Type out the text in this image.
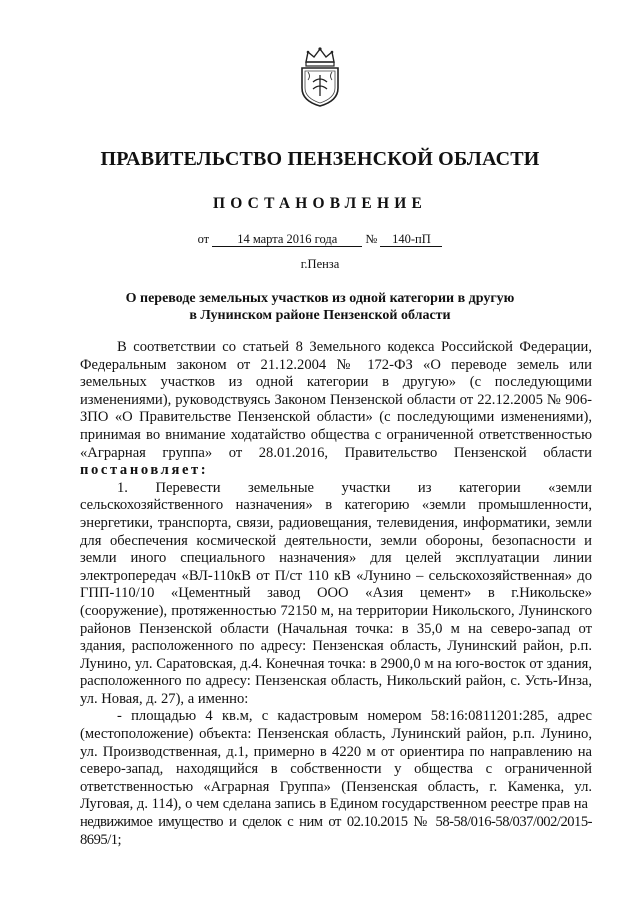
ПРАВИТЕЛЬСТВО ПЕНЗЕНСКОЙ ОБЛАСТИ
ПОСТАНОВЛЕНИЕ
от 14 марта 2016 года № 140-пП
г.Пенза
О переводе земельных участков из одной категории в другую
в Лунинском районе Пензенской области

В соответствии со статьей 8 Земельного кодекса Российской Федерации, Федеральным законом от 21.12.2004 № 172-ФЗ «О переводе земель или земельных участков из одной категории в другую» (с последующими изменениями), руководствуясь Законом Пензенской области от 22.12.2005 № 906-ЗПО «О Правительстве Пензенской области» (с последующими изменениями), принимая во внимание ходатайство общества с ограниченной ответственностью «Аграрная группа» от 28.01.2016, Правительство Пензенской области постановляет:

1. Перевести земельные участки из категории «земли сельскохозяйственного назначения» в категорию «земли промышленности, энергетики, транспорта, связи, радиовещания, телевидения, информатики, земли для обеспечения космической деятельности, земли обороны, безопасности и земли иного специального назначения» для целей эксплуатации линии электропередач «ВЛ-110кВ от П/ст 110 кВ «Лунино – сельскохозяйственная» до ГПП-110/10 «Цементный завод ООО «Азия цемент» в г.Никольске» (сооружение), протяженностью 72150 м, на территории Никольского, Лунинского районов Пензенской области (Начальная точка: в 35,0 м на северо-запад от здания, расположенного по адресу: Пензенская область, Лунинский район, р.п. Лунино, ул. Саратовская, д.4. Конечная точка: в 2900,0 м на юго-восток от здания, расположенного по адресу: Пензенская область, Никольский район, с. Усть-Инза, ул. Новая, д. 27), а именно:

- площадью 4 кв.м, с кадастровым номером 58:16:0811201:285, адрес (местоположение) объекта: Пензенская область, Лунинский район, р.п. Лунино, ул. Производственная, д.1, примерно в 4220 м от ориентира по направлению на северо-запад, находящийся в собственности у общества с ограниченной ответственностью «Аграрная Группа» (Пензенская область, г. Каменка, ул. Луговая, д. 114), о чем сделана запись в Едином государственном реестре прав на

недвижимое имущество и сделок с ним от 02.10.2015 № 58-58/016-58/037/002/2015-8695/1;
